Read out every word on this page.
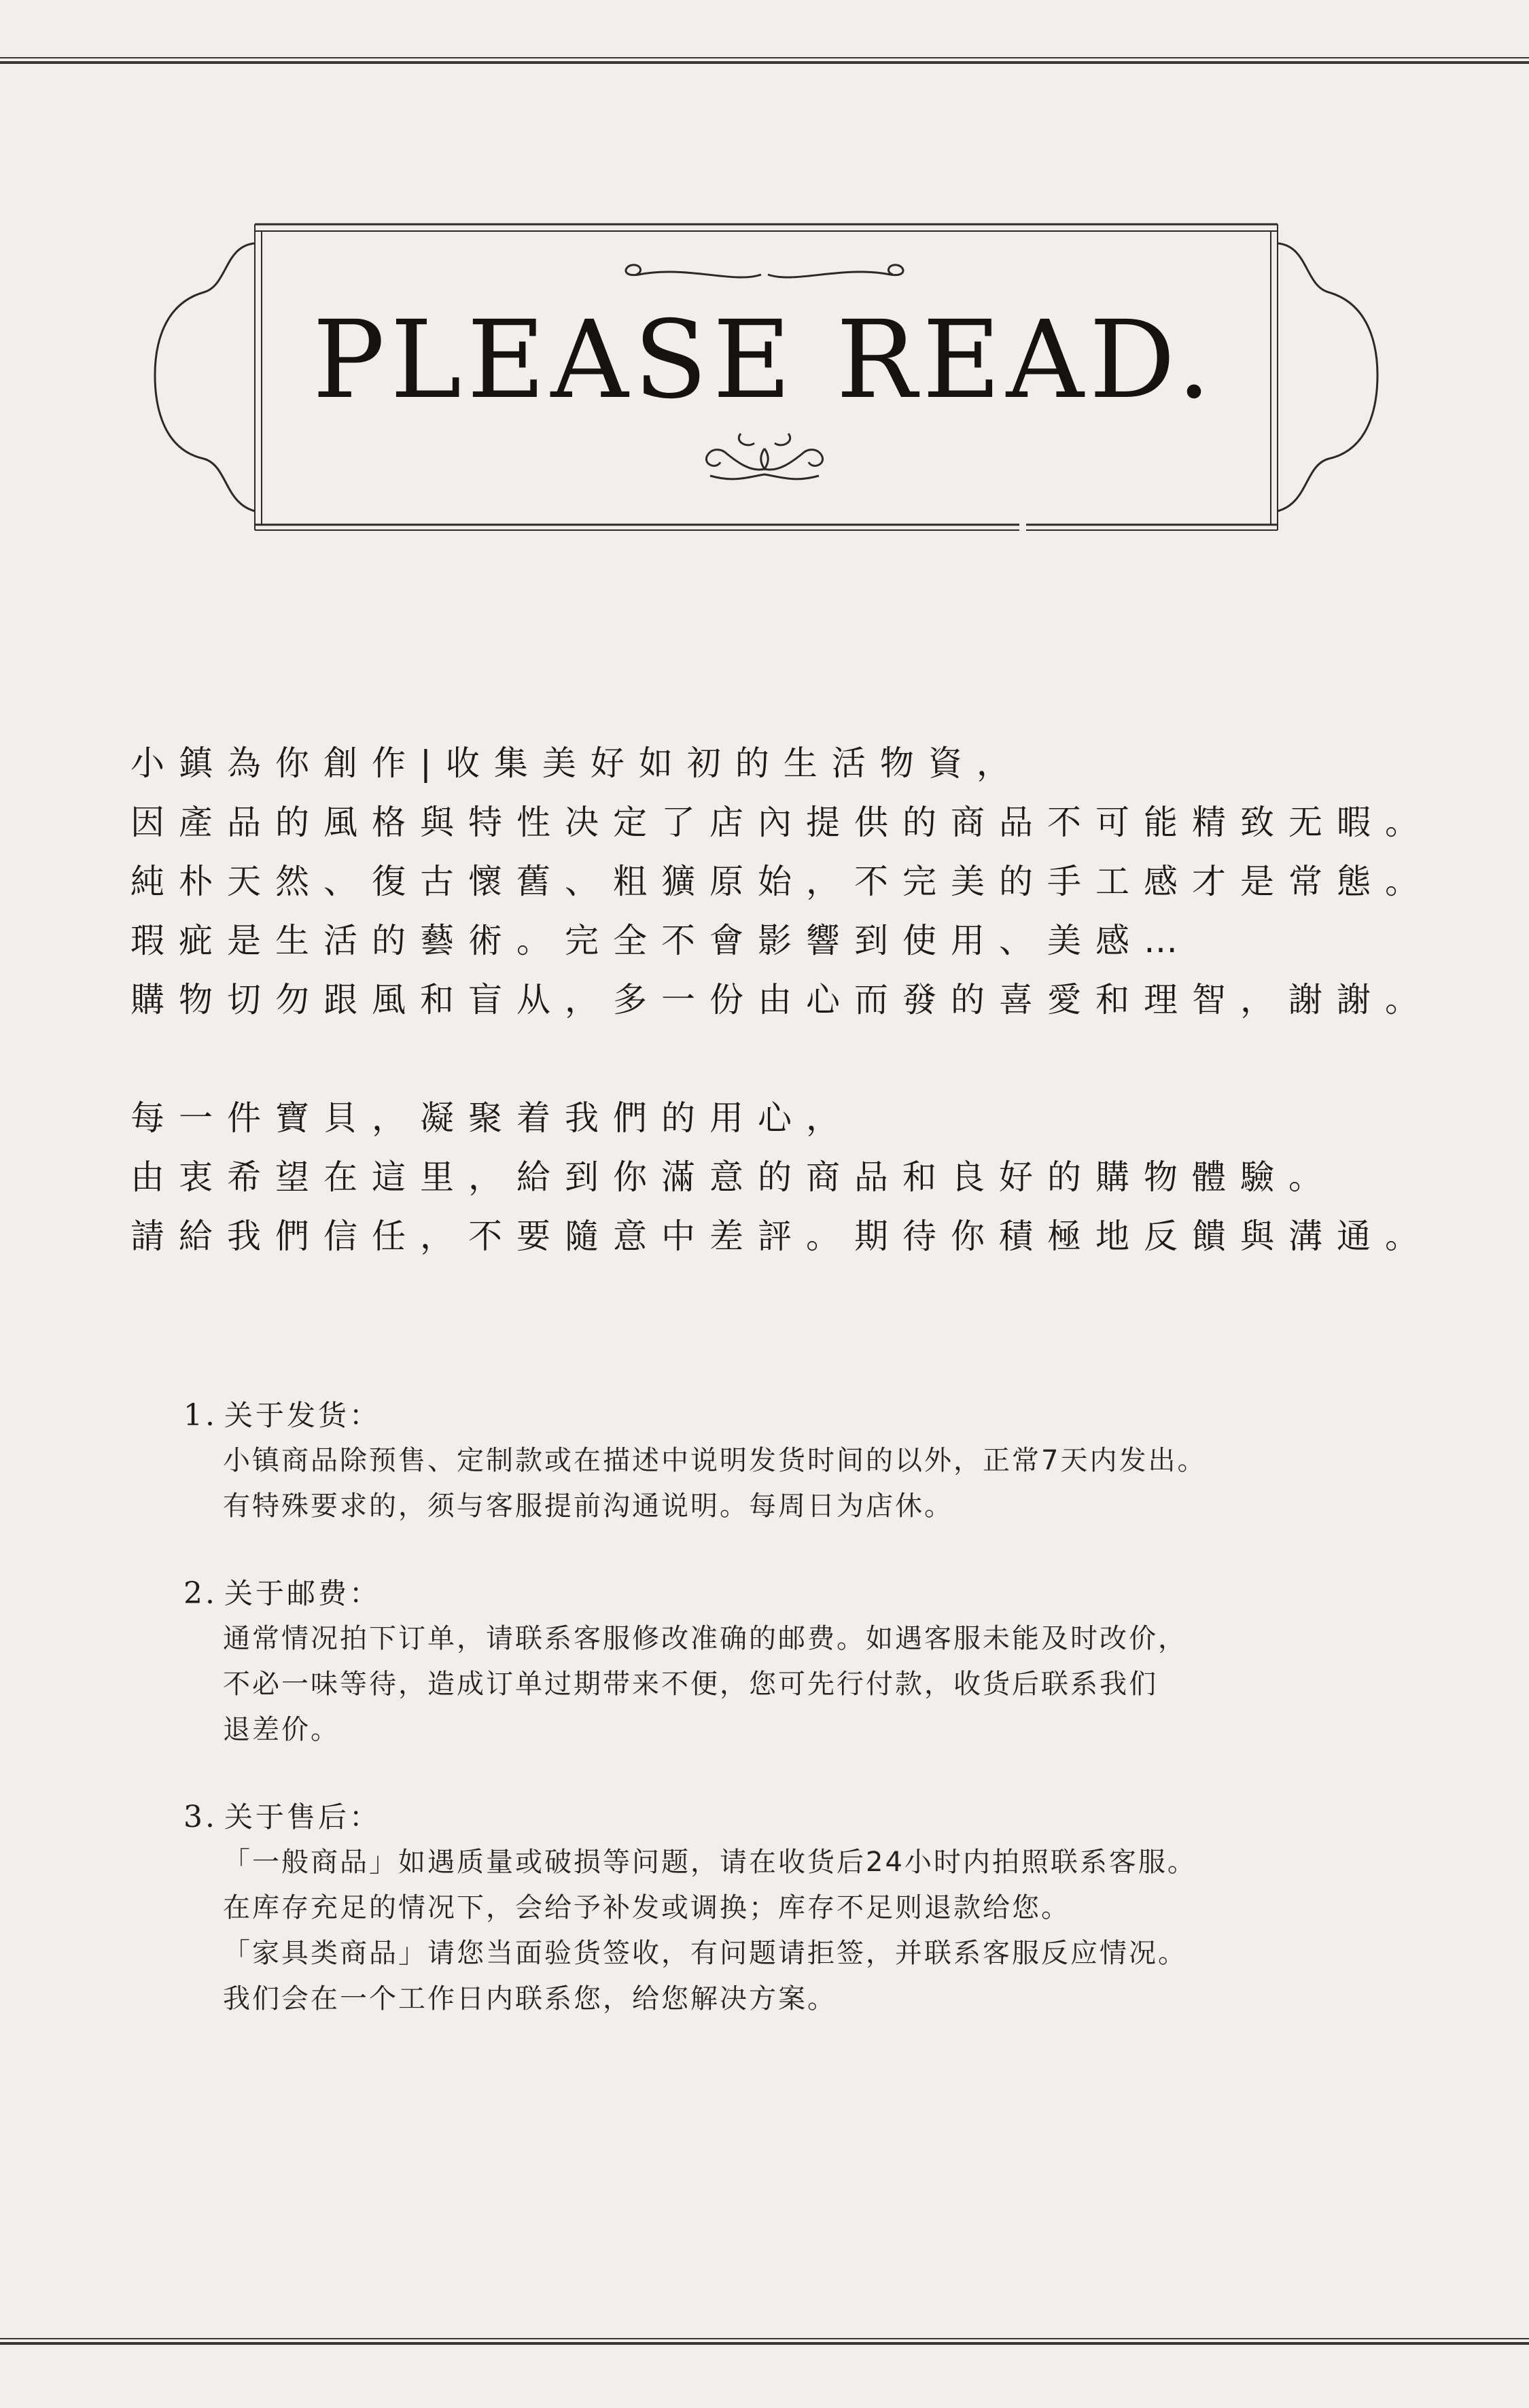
PLEASE READ.

小鎮為你創作|收集美好如初的生活物資，

因產品的風格與特性决定了店內提供的商品不可能精致无暇。

純朴天然、復古懷舊、粗獷原始，不完美的手工感才是常態。

瑕疵是生活的藝術。完全不會影響到使用、美感…

購物切勿跟風和盲从，多一份由心而發的喜愛和理智，謝謝。

每一件寶貝，凝聚着我們的用心，

由衷希望在這里，給到你滿意的商品和良好的購物體驗。

請給我們信任，不要隨意中差評。期待你積極地反饋與溝通。

1. 关于发货：
小镇商品除预售、定制款或在描述中说明发货时间的以外，正常7天内发出。
有特殊要求的，须与客服提前沟通说明。每周日为店休。
2. 关于邮费：
通常情况拍下订单，请联系客服修改准确的邮费。如遇客服未能及时改价，
不必一味等待，造成订单过期带来不便，您可先行付款，收货后联系我们
退差价。
3. 关于售后：
「一般商品」如遇质量或破损等问题，请在收货后24小时内拍照联系客服。
在库存充足的情况下，会给予补发或调换；库存不足则退款给您。
「家具类商品」请您当面验货签收，有问题请拒签，并联系客服反应情况。
我们会在一个工作日内联系您，给您解决方案。
